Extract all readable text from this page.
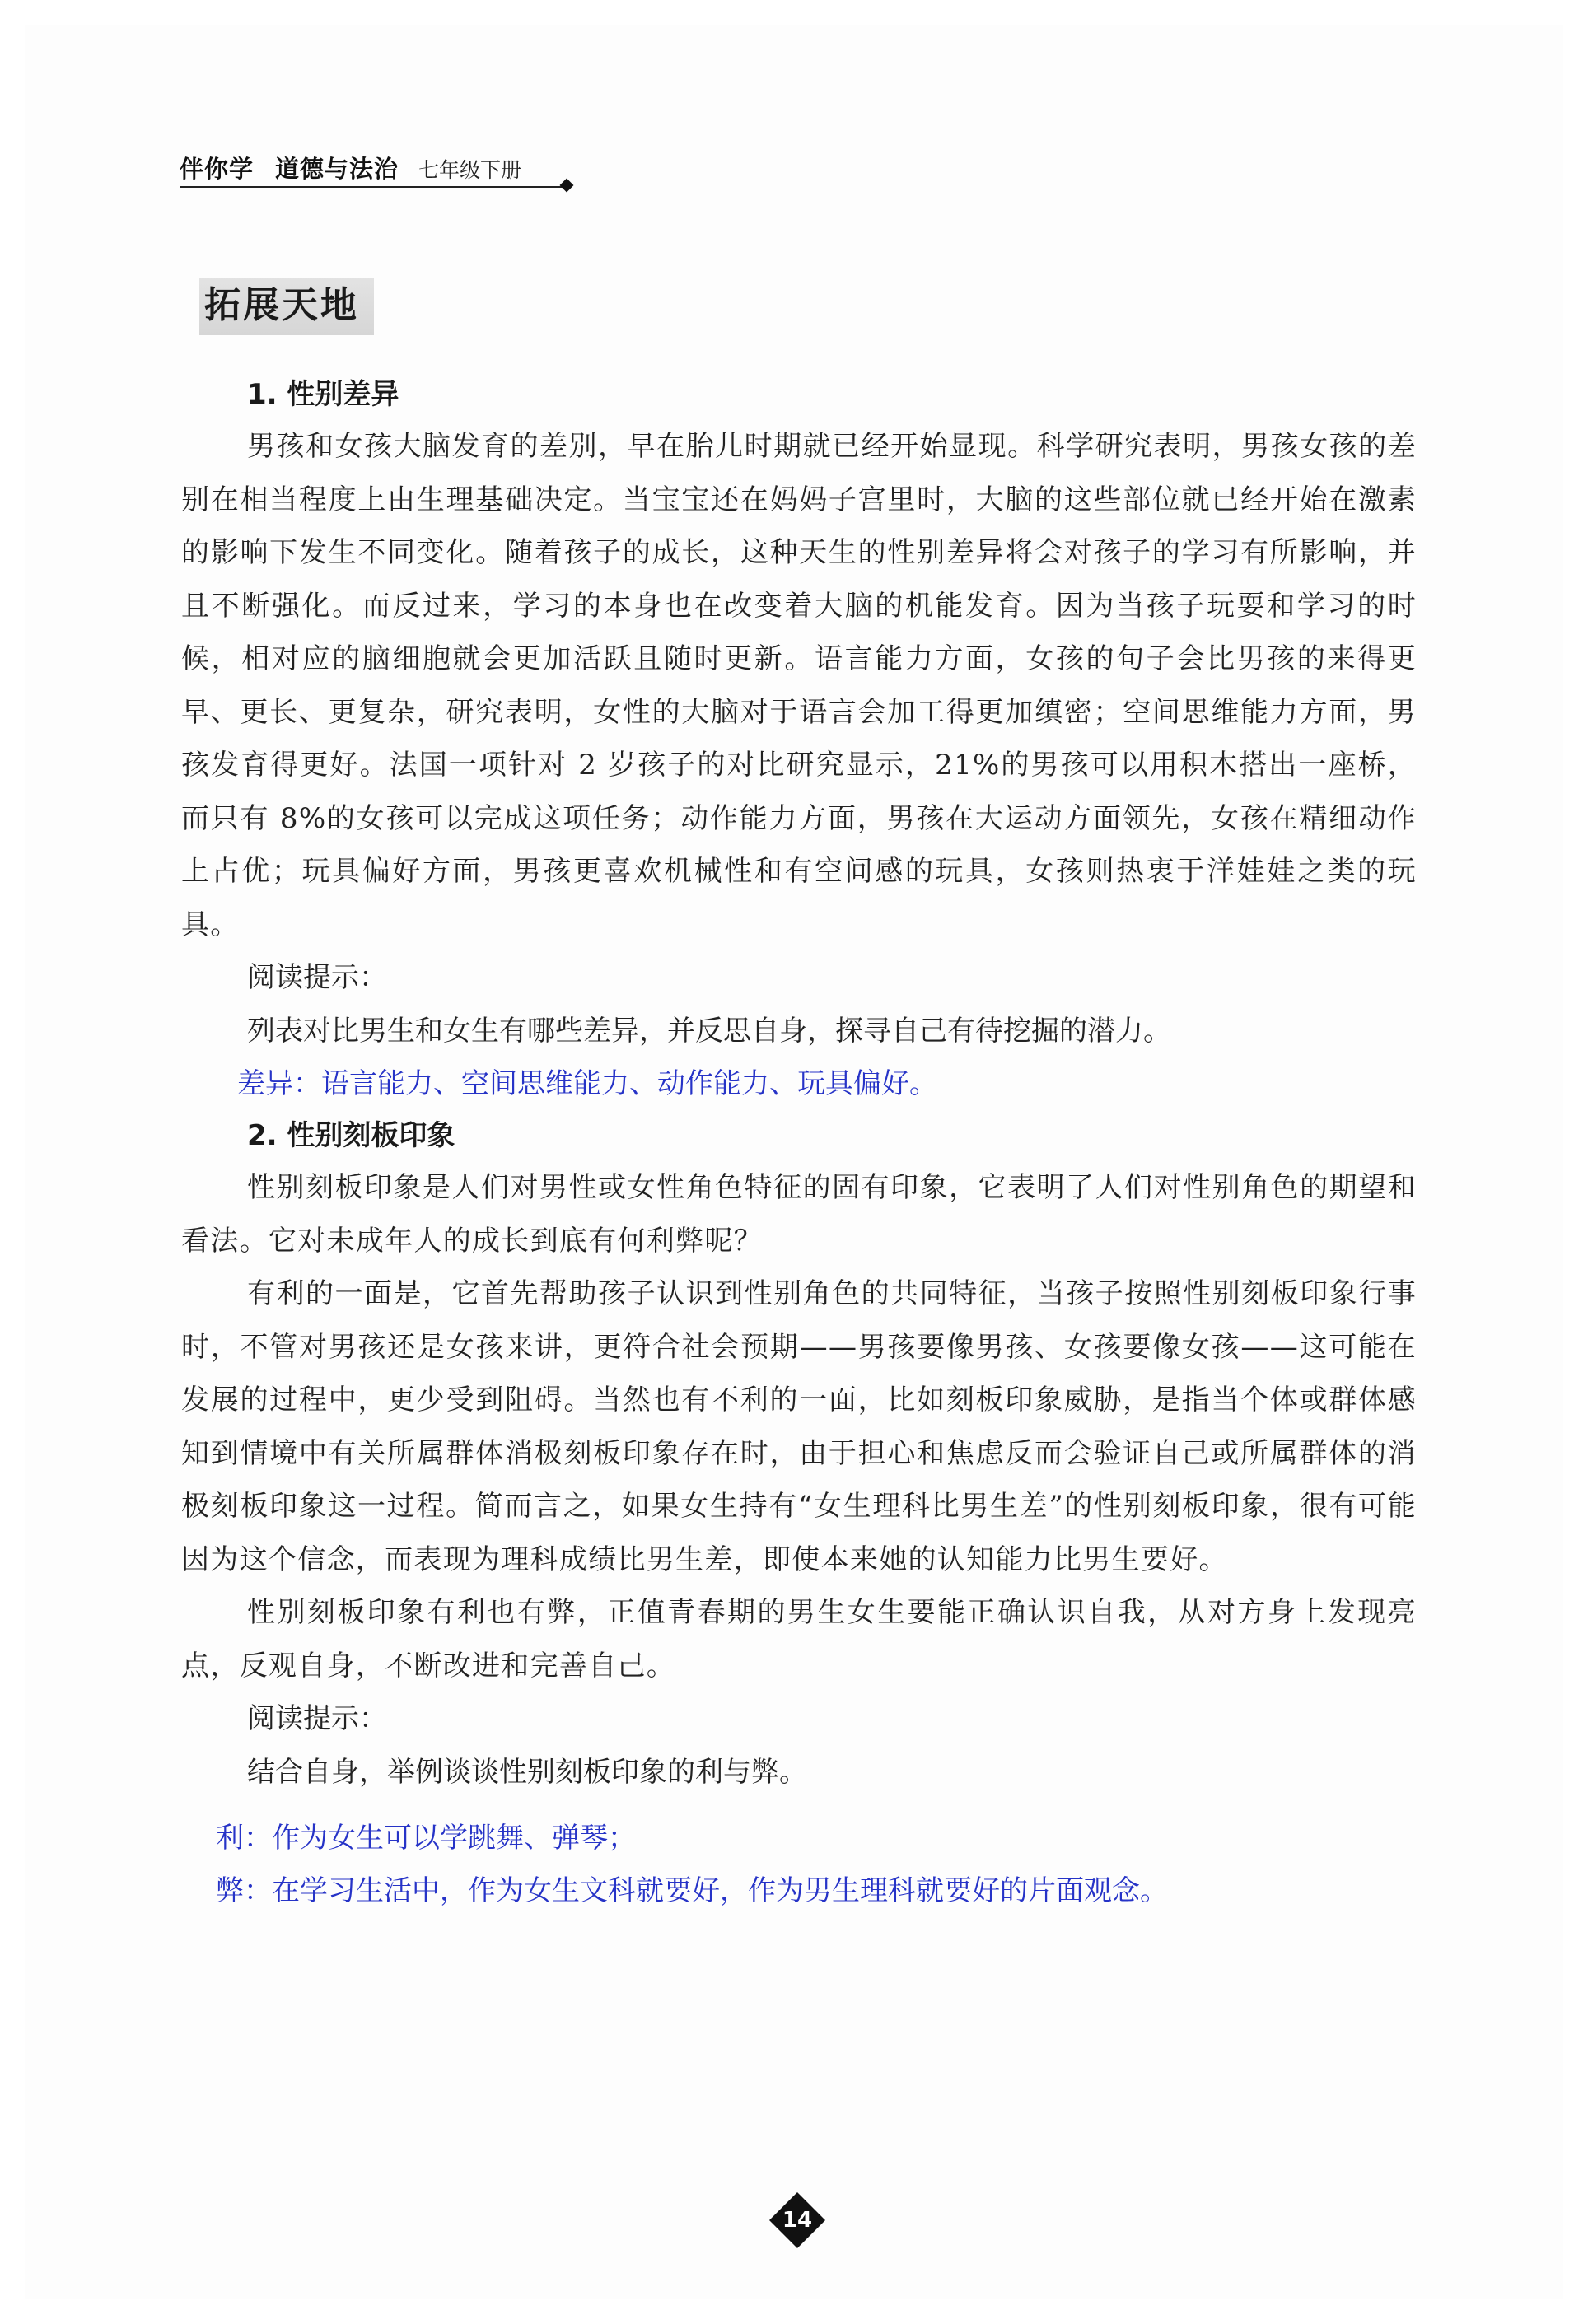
伴你学 道德与法治 七年级下册
拓展天地
1. 性别差异

男孩和女孩大脑发育的差别，早在胎儿时期就已经开始显现。科学研究表明，男孩女孩的差别在相当程度上由生理基础决定。当宝宝还在妈妈子宫里时，大脑的这些部位就已经开始在激素的影响下发生不同变化。随着孩子的成长，这种天生的性别差异将会对孩子的学习有所影响，并且不断强化。而反过来，学习的本身也在改变着大脑的机能发育。因为当孩子玩耍和学习的时候，相对应的脑细胞就会更加活跃且随时更新。语言能力方面，女孩的句子会比男孩的来得更早、更长、更复杂，研究表明，女性的大脑对于语言会加工得更加缜密；空间思维能力方面，男孩发育得更好。法国一项针对 2 岁孩子的对比研究显示，21%的男孩可以用积木搭出一座桥，而只有 8%的女孩可以完成这项任务；动作能力方面，男孩在大运动方面领先，女孩在精细动作上占优；玩具偏好方面，男孩更喜欢机械性和有空间感的玩具，女孩则热衷于洋娃娃之类的玩具。

阅读提示：
列表对比男生和女生有哪些差异，并反思自身，探寻自己有待挖掘的潜力。
差异：语言能力、空间思维能力、动作能力、玩具偏好。
2. 性别刻板印象

性别刻板印象是人们对男性或女性角色特征的固有印象，它表明了人们对性别角色的期望和看法。它对未成年人的成长到底有何利弊呢？

有利的一面是，它首先帮助孩子认识到性别角色的共同特征，当孩子按照性别刻板印象行事时，不管对男孩还是女孩来讲，更符合社会预期——男孩要像男孩、女孩要像女孩——这可能在发展的过程中，更少受到阻碍。当然也有不利的一面，比如刻板印象威胁，是指当个体或群体感知到情境中有关所属群体消极刻板印象存在时，由于担心和焦虑反而会验证自己或所属群体的消极刻板印象这一过程。简而言之，如果女生持有“女生理科比男生差”的性别刻板印象，很有可能因为这个信念，而表现为理科成绩比男生差，即使本来她的认知能力比男生要好。

性别刻板印象有利也有弊，正值青春期的男生女生要能正确认识自我，从对方身上发现亮点，反观自身，不断改进和完善自己。

阅读提示：
结合自身，举例谈谈性别刻板印象的利与弊。
利：作为女生可以学跳舞、弹琴；
弊：在学习生活中，作为女生文科就要好，作为男生理科就要好的片面观念。
14
